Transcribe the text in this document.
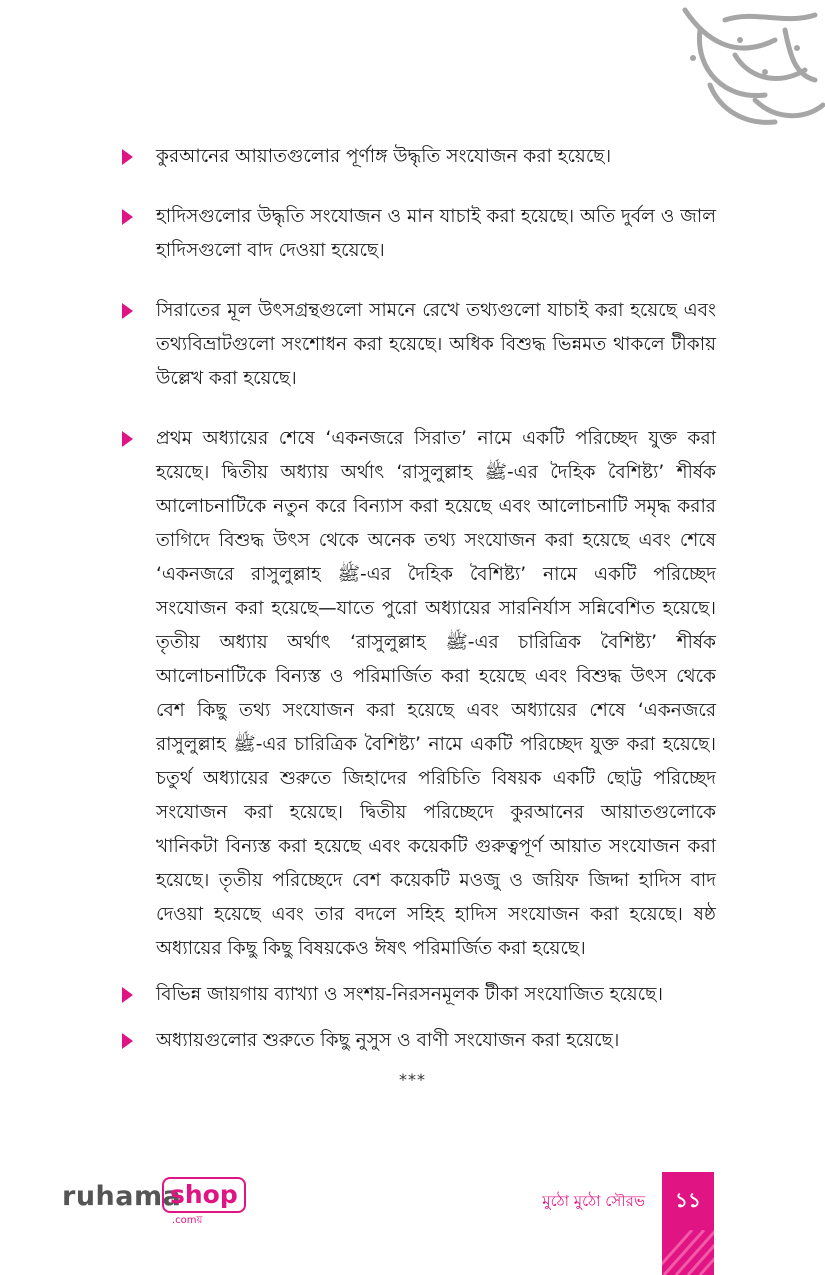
কুরআনের আয়াতগুলোর পূর্ণাঙ্গ উদ্ধৃতি সংযোজন করা হয়েছে।
হাদিসগুলোর উদ্ধৃতি সংযোজন ও মান যাচাই করা হয়েছে। অতি দুর্বল ও জাল হাদিসগুলো বাদ দেওয়া হয়েছে।
সিরাতের মূল উৎসগ্রন্থগুলো সামনে রেখে তথ্যগুলো যাচাই করা হয়েছে এবং তথ্যবিভ্রাটগুলো সংশোধন করা হয়েছে। অধিক বিশুদ্ধ ভিন্নমত থাকলে টীকায় উল্লেখ করা হয়েছে।
প্রথম অধ্যায়ের শেষে ‘একনজরে সিরাত’ নামে একটি পরিচ্ছেদ যুক্ত করা হয়েছে। দ্বিতীয় অধ্যায় অর্থাৎ ‘রাসুলুল্লাহ ﷺ-এর দৈহিক বৈশিষ্ট্য’ শীর্ষক আলোচনাটিকে নতুন করে বিন্যাস করা হয়েছে এবং আলোচনাটি সমৃদ্ধ করার তাগিদে বিশুদ্ধ উৎস থেকে অনেক তথ্য সংযোজন করা হয়েছে এবং শেষে ‘একনজরে রাসুলুল্লাহ ﷺ-এর দৈহিক বৈশিষ্ট্য’ নামে একটি পরিচ্ছেদ সংযোজন করা হয়েছে—যাতে পুরো অধ্যায়ের সারনির্যাস সন্নিবেশিত হয়েছে। তৃতীয় অধ্যায় অর্থাৎ ‘রাসুলুল্লাহ ﷺ-এর চারিত্রিক বৈশিষ্ট্য’ শীর্ষক আলোচনাটিকে বিন্যস্ত ও পরিমার্জিত করা হয়েছে এবং বিশুদ্ধ উৎস থেকে বেশ কিছু তথ্য সংযোজন করা হয়েছে এবং অধ্যায়ের শেষে ‘একনজরে রাসুলুল্লাহ ﷺ-এর চারিত্রিক বৈশিষ্ট্য’ নামে একটি পরিচ্ছেদ যুক্ত করা হয়েছে। চতুর্থ অধ্যায়ের শুরুতে জিহাদের পরিচিতি বিষয়ক একটি ছোট্ট পরিচ্ছেদ সংযোজন করা হয়েছে। দ্বিতীয় পরিচ্ছেদে কুরআনের আয়াতগুলোকে খানিকটা বিন্যস্ত করা হয়েছে এবং কয়েকটি গুরুত্বপূর্ণ আয়াত সংযোজন করা হয়েছে। তৃতীয় পরিচ্ছেদে বেশ কয়েকটি মওজু ও জয়িফ জিদ্দা হাদিস বাদ দেওয়া হয়েছে এবং তার বদলে সহিহ হাদিস সংযোজন করা হয়েছে। ষষ্ঠ অধ্যায়ের কিছু কিছু বিষয়কেও ঈষৎ পরিমার্জিত করা হয়েছে।
বিভিন্ন জায়গায় ব্যাখ্যা ও সংশয়-নিরসনমূলক টীকা সংযোজিত হয়েছে।
অধ্যায়গুলোর শুরুতে কিছু নুসুস ও বাণী সংযোজন করা হয়েছে।
***
ruhama
shop
.comয়
মুঠো মুঠো সৌরভ	১১
